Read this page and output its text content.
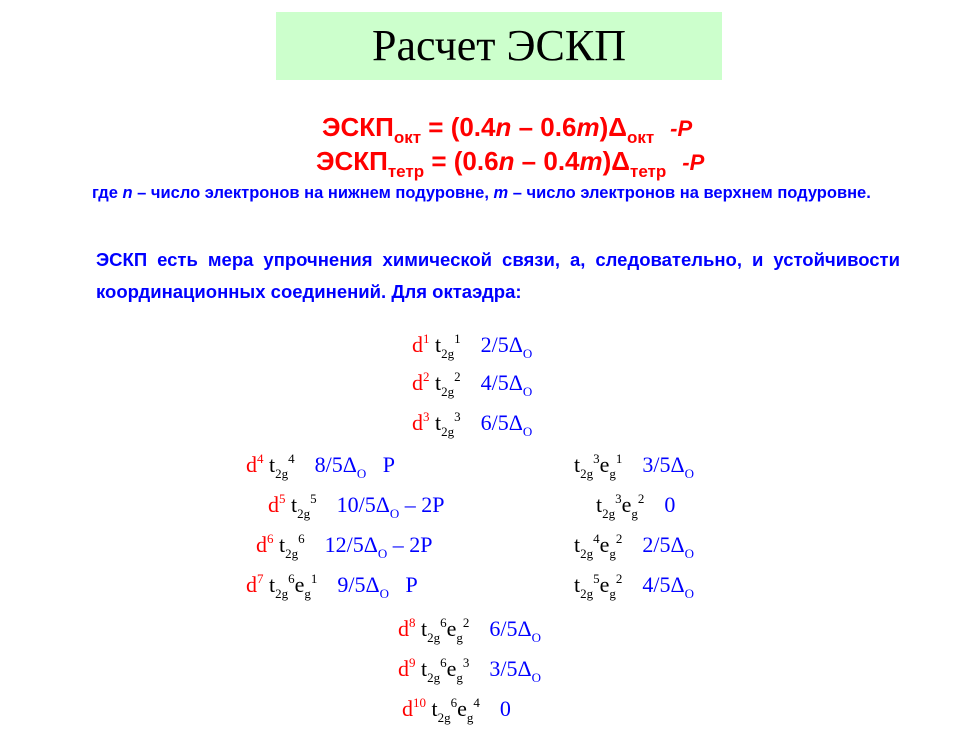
Расчет ЭСКП
$ЭСКП_{окт} = (0.4n - 0.6m)\Delta_{окт}$ -P
$ЭСКП_{тетр} = (0.6n - 0.4m)\Delta_{тетр}$ -P
где n – число электронов на нижнем подуровне, m – число электронов на верхнем подуровне.
ЭСКП есть мера упрочнения химической связи, а, следовательно, и устойчивости координационных соединений. Для октаэдра:
$d^1$ $t_{2g}^1$ $2/5\Delta_O$
$d^2$ $t_{2g}^2$ $4/5\Delta_O$
$d^3$ $t_{2g}^3$ $6/5\Delta_O$
$d^4$ $t_{2g}^4$ $8/5\Delta_O$   P
$d^5$ $t_{2g}^5$ $10/5\Delta_O - 2P$
$d^6$ $t_{2g}^6$ $12/5\Delta_O - 2P$
$d^7$ $t_{2g}^6e_g^1$ $9/5\Delta_O$   P
$d^8$ $t_{2g}^6e_g^2$ $6/5\Delta_O$
$d^9$ $t_{2g}^6e_g^3$ $3/5\Delta_O$
$d^{10}$ $t_{2g}^6e_g^4$ 0
$t_{2g}^3e_g^1$ $3/5\Delta_O$
$t_{2g}^3e_g^2$ 0
$t_{2g}^4e_g^2$ $2/5\Delta_O$
$t_{2g}^5e_g^2$ $4/5\Delta_O$
